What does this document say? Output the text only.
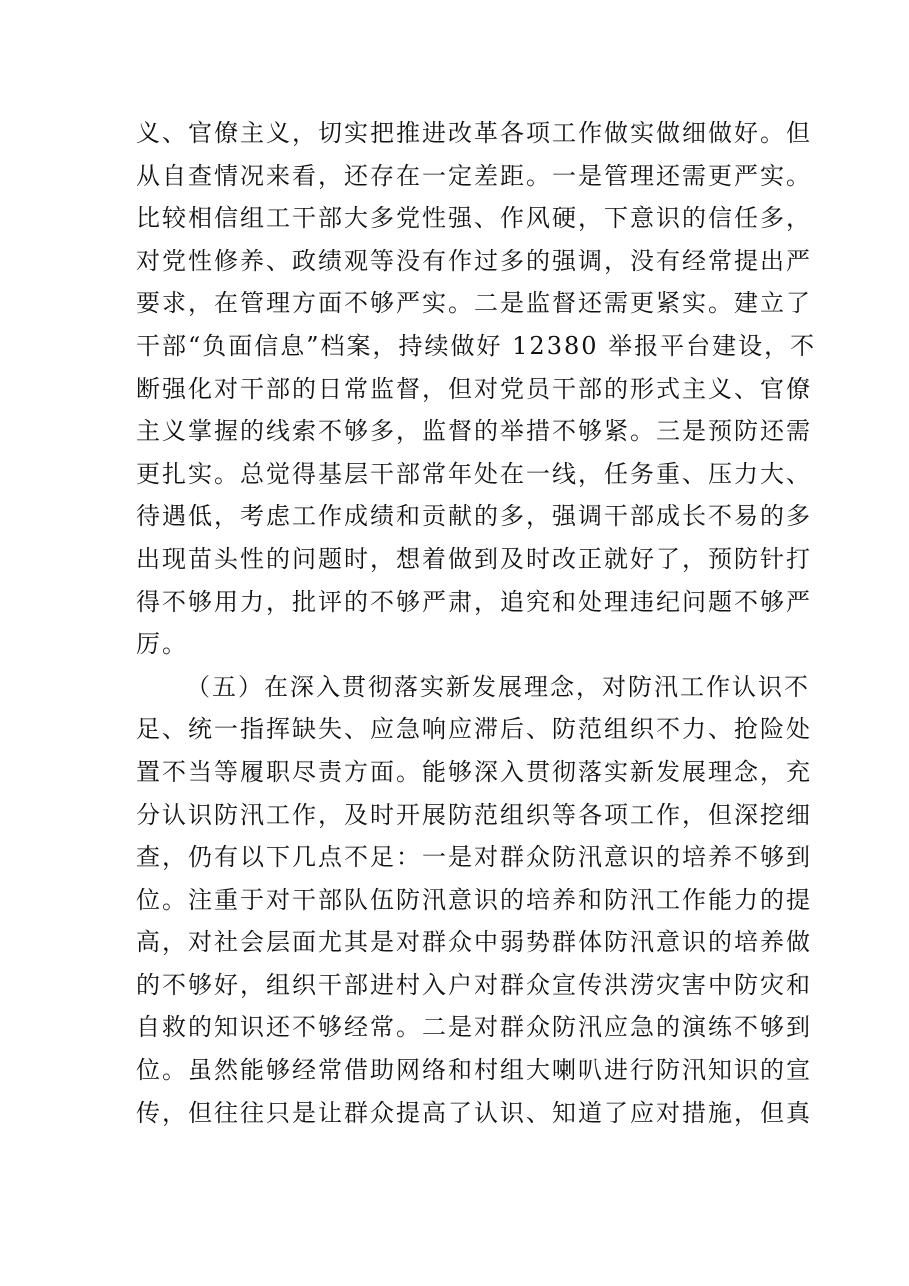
义、官僚主义，切实把推进改革各项工作做实做细做好。但
从自查情况来看，还存在一定差距。一是管理还需更严实。
比较相信组工干部大多党性强、作风硬，下意识的信任多，
对党性修养、政绩观等没有作过多的强调，没有经常提出严
要求，在管理方面不够严实。二是监督还需更紧实。建立了
干部“负面信息”档案，持续做好 12380 举报平台建设，不
断强化对干部的日常监督，但对党员干部的形式主义、官僚
主义掌握的线索不够多，监督的举措不够紧。三是预防还需
更扎实。总觉得基层干部常年处在一线，任务重、压力大、
待遇低，考虑工作成绩和贡献的多，强调干部成长不易的多
出现苗头性的问题时，想着做到及时改正就好了，预防针打
得不够用力，批评的不够严肃，追究和处理违纪问题不够严
厉。
（五）在深入贯彻落实新发展理念，对防汛工作认识不
足、统一指挥缺失、应急响应滞后、防范组织不力、抢险处
置不当等履职尽责方面。能够深入贯彻落实新发展理念，充
分认识防汛工作，及时开展防范组织等各项工作，但深挖细
查，仍有以下几点不足：一是对群众防汛意识的培养不够到
位。注重于对干部队伍防汛意识的培养和防汛工作能力的提
高，对社会层面尤其是对群众中弱势群体防汛意识的培养做
的不够好，组织干部进村入户对群众宣传洪涝灾害中防灾和
自救的知识还不够经常。二是对群众防汛应急的演练不够到
位。虽然能够经常借助网络和村组大喇叭进行防汛知识的宣
传，但往往只是让群众提高了认识、知道了应对措施，但真
